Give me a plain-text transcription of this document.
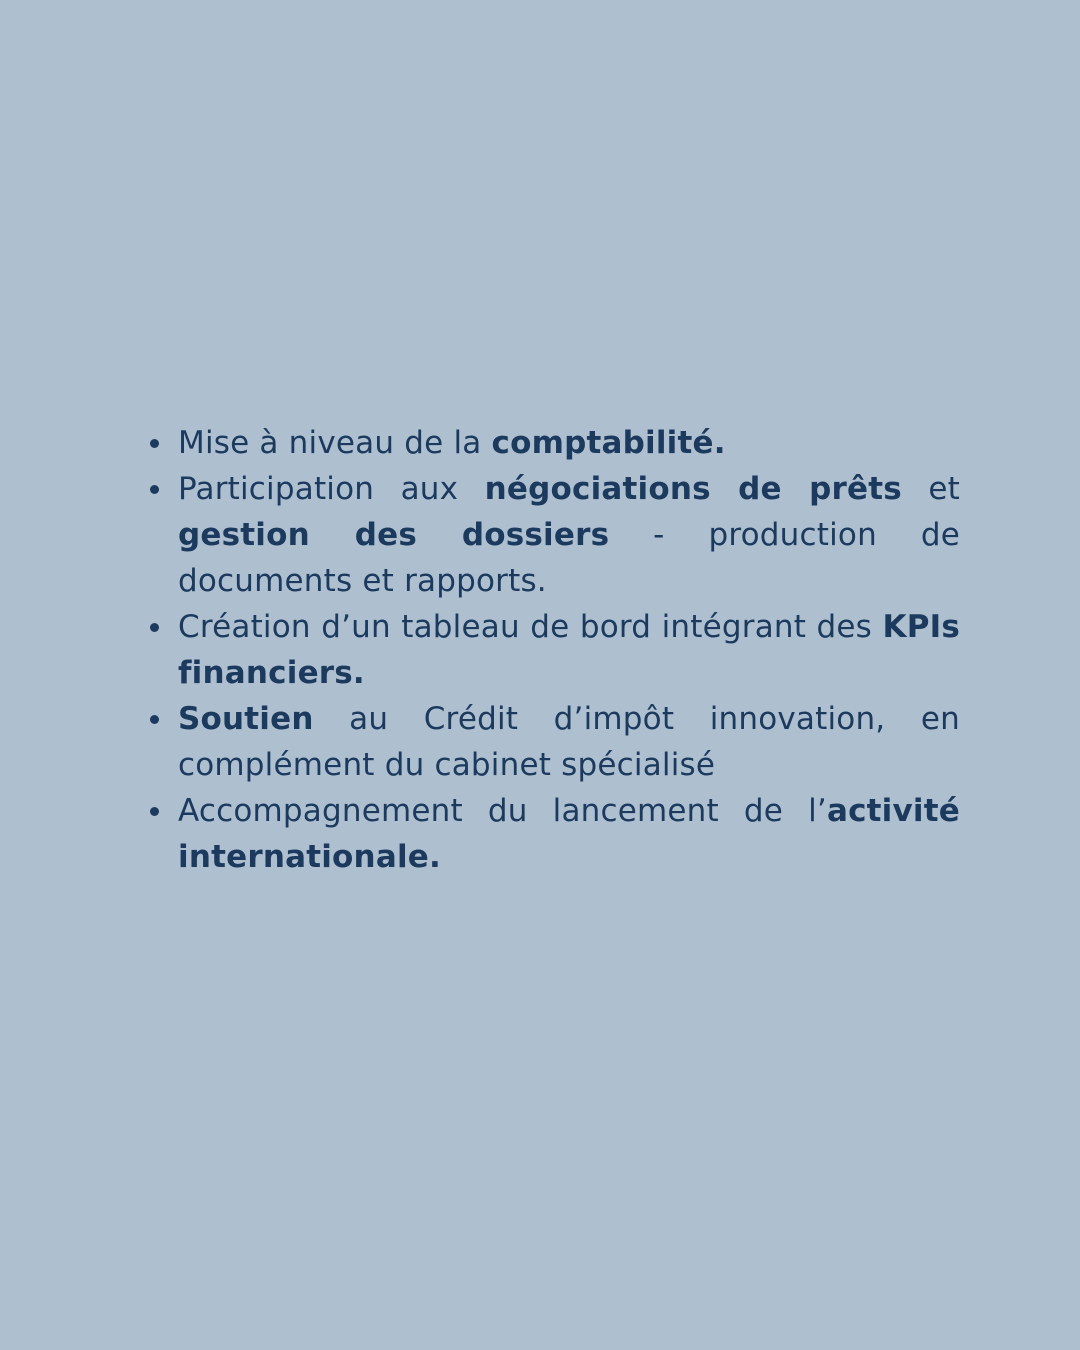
Mise à niveau de la comptabilité.
Participation aux négociations de prêts et gestion des dossiers - production de documents et rapports.
Création d’un tableau de bord intégrant des KPIs financiers.
Soutien au Crédit d’impôt innovation, en complément du cabinet spécialisé
Accompagnement du lancement de l’activité internationale.
